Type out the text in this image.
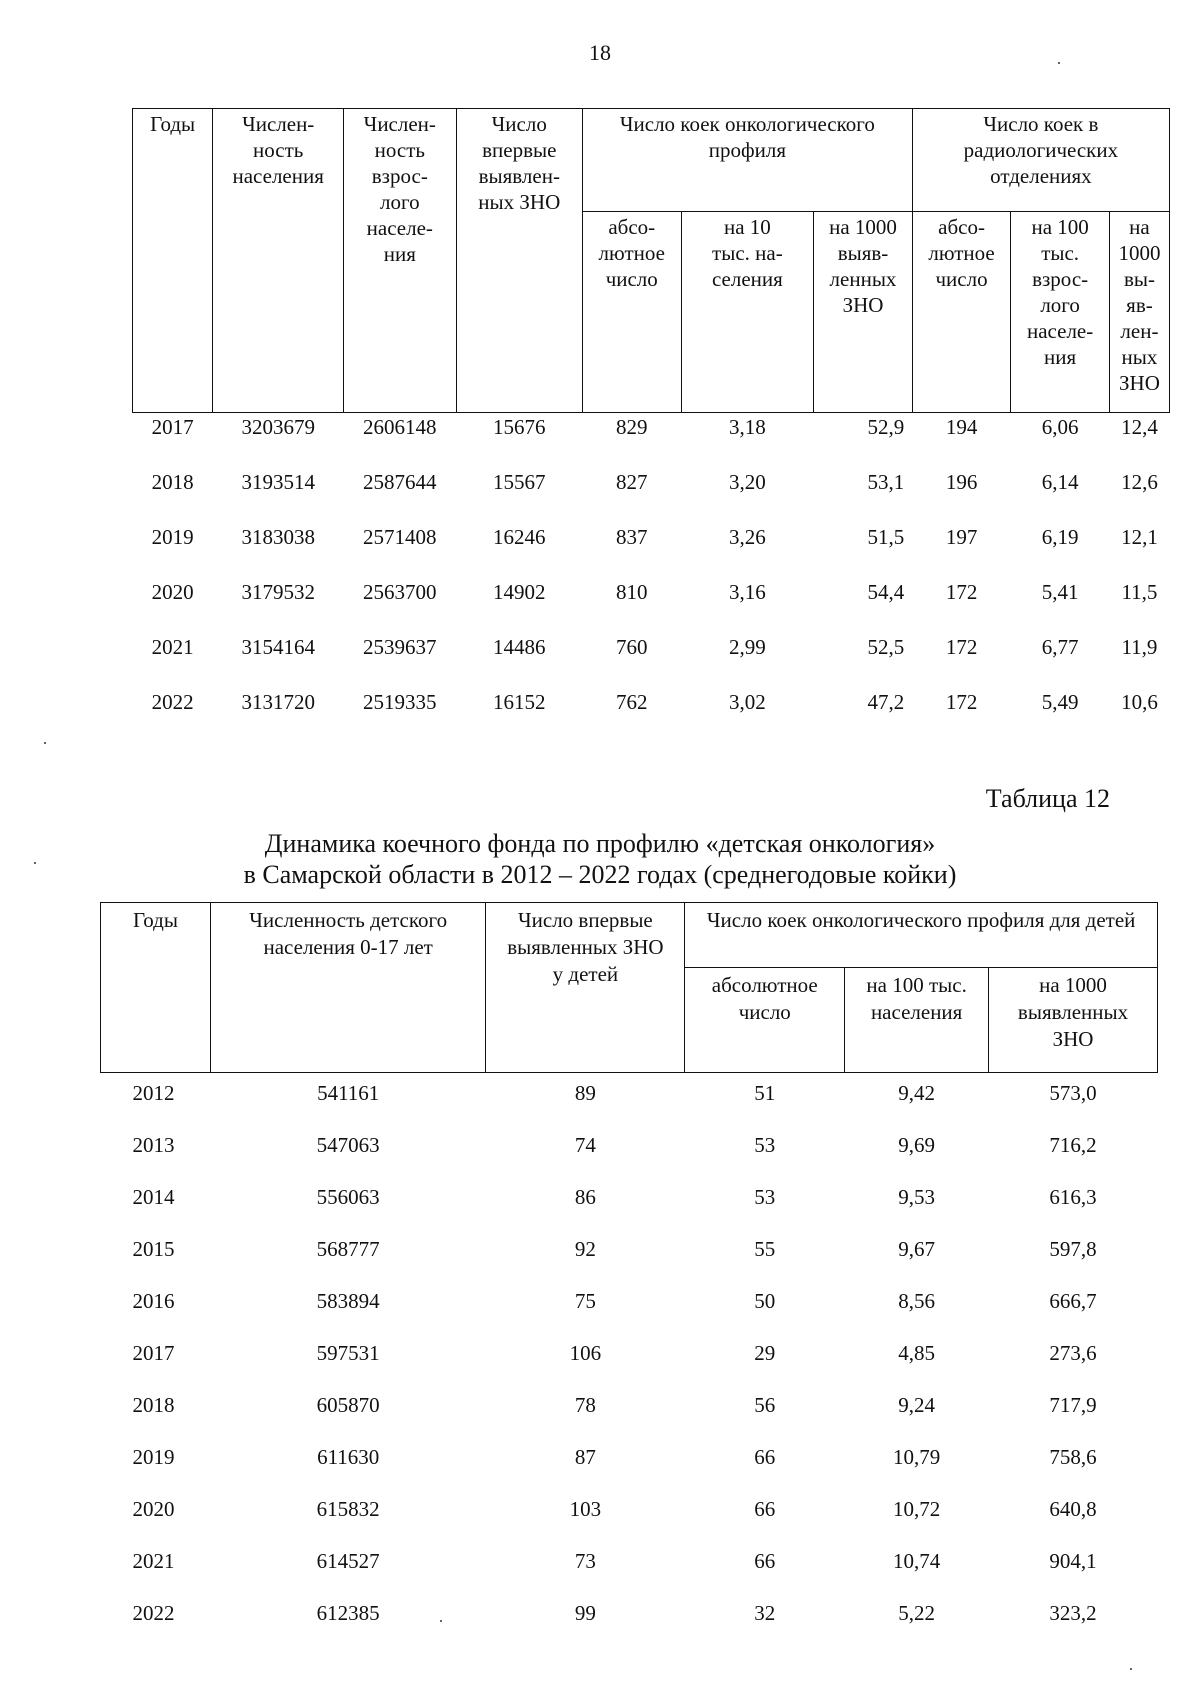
18
Годы	Числен-ность населения	Числен-ность взрос-лого населе-ния	Число впервые выявлен-ных ЗНО	Число коек онкологического профиля			Число коек в радиологических отделениях		
				абсо-лютное число	на 10 тыс. на-селения	на 1000 выяв-ленных ЗНО	абсо-лютное число	на 100 тыс. взрос-лого населе-ния	на 1000 вы-яв-лен-ных ЗНО
2017	3203679	2606148	15676	829	3,18	52,9	194	6,06	12,4
2018	3193514	2587644	15567	827	3,20	53,1	196	6,14	12,6
2019	3183038	2571408	16246	837	3,26	51,5	197	6,19	12,1
2020	3179532	2563700	14902	810	3,16	54,4	172	5,41	11,5
2021	3154164	2539637	14486	760	2,99	52,5	172	6,77	11,9
2022	3131720	2519335	16152	762	3,02	47,2	172	5,49	10,6
Таблица 12
Динамика коечного фонда по профилю «детская онкология»
в Самарской области в 2012 – 2022 годах (среднегодовые койки)
Годы	Численность детского населения 0-17 лет	Число впервые выявленных ЗНО у детей	Число коек онкологического профиля для детей		
			абсолютное число	на 100 тыс. населения	на 1000 выявленных ЗНО
2012	541161	89	51	9,42	573,0
2013	547063	74	53	9,69	716,2
2014	556063	86	53	9,53	616,3
2015	568777	92	55	9,67	597,8
2016	583894	75	50	8,56	666,7
2017	597531	106	29	4,85	273,6
2018	605870	78	56	9,24	717,9
2019	611630	87	66	10,79	758,6
2020	615832	103	66	10,72	640,8
2021	614527	73	66	10,74	904,1
2022	612385	99	32	5,22	323,2
